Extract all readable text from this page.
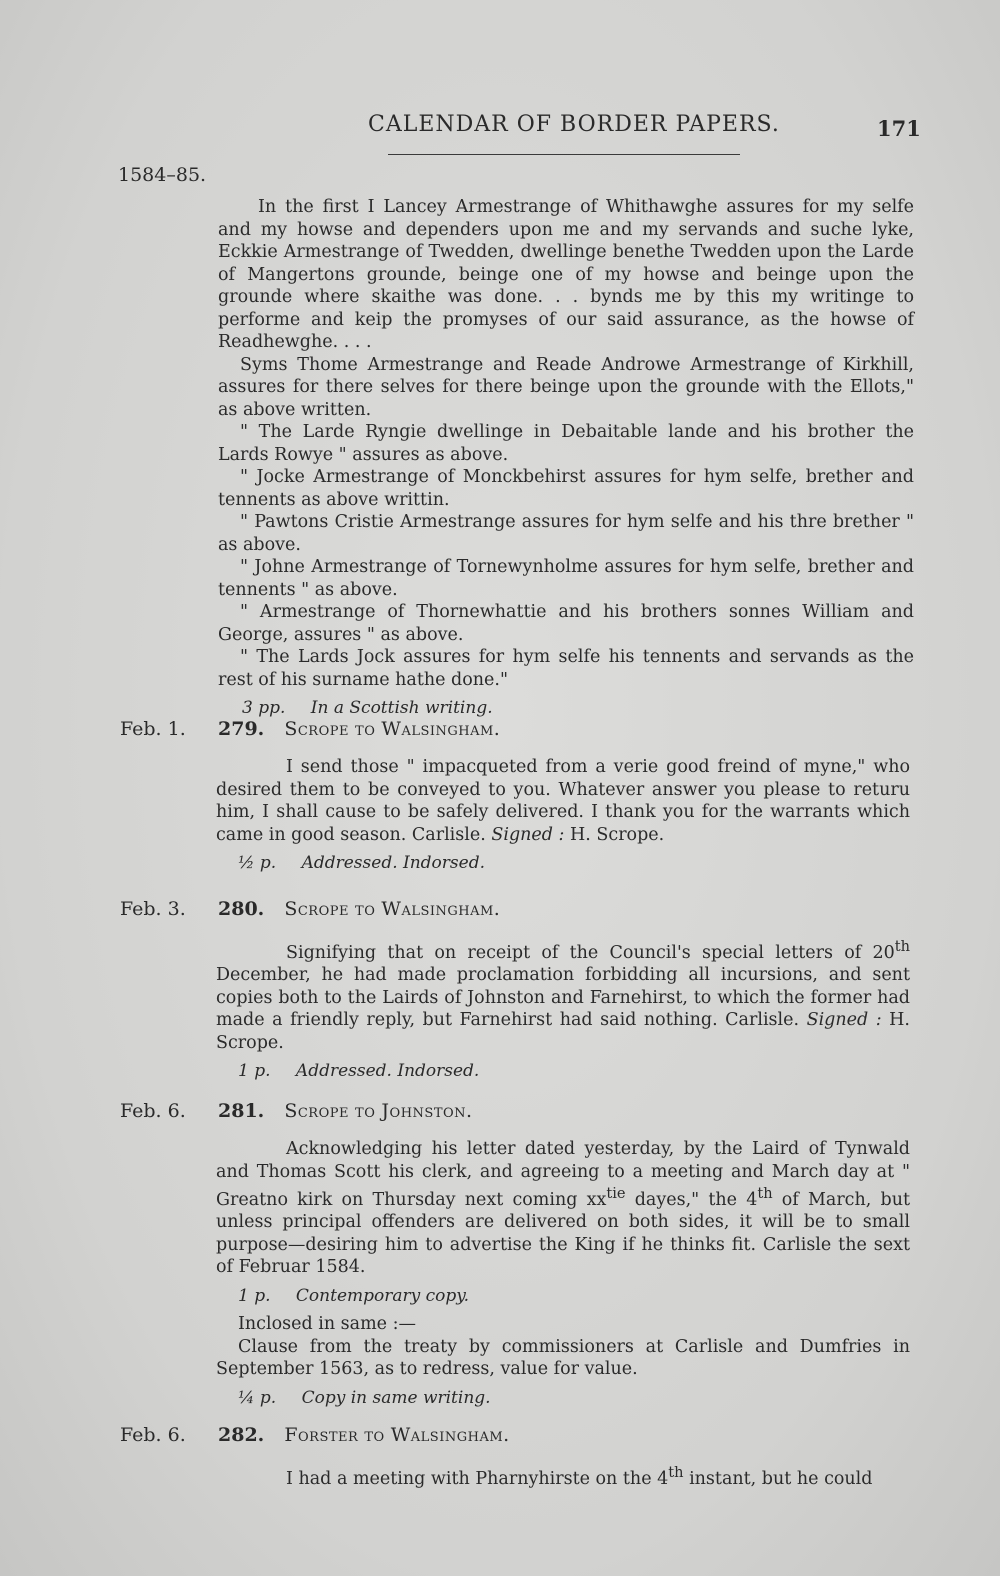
CALENDAR OF BORDER PAPERS.	171
1584–85.

In the first I Lancey Armestrange of Whithawghe assures for my selfe and my howse and dependers upon me and my servands and suche lyke, Eckkie Armestrange of Twedden, dwellinge benethe Twedden upon the Larde of Mangertons grounde, beinge one of my howse and beinge upon the grounde where skaithe was done. . . bynds me by this my writinge to performe and keip the promyses of our said assurance, as the howse of Readhewghe. . . .

Syms Thome Armestrange and Reade Androwe Armestrange of Kirkhill, assures for there selves for there beinge upon the grounde with the Ellots," as above written.

" The Larde Ryngie dwellinge in Debaitable lande and his brother the Lards Rowye " assures as above.

" Jocke Armestrange of Monckbehirst assures for hym selfe, brether and tennents as above writtin.

" Pawtons Cristie Armestrange assures for hym selfe and his thre brether " as above.

" Johne Armestrange of Tornewynholme assures for hym selfe, brether and tennents " as above.

" Armestrange of Thornewhattie and his brothers sonnes William and George, assures " as above.

" The Lards Jock assures for hym selfe his tennents and servands as the rest of his surname hathe done."

3 pp. In a Scottish writing.
Feb. 1. 279. Scrope to Walsingham.

I send those " impacqueted from a verie good freind of myne," who desired them to be conveyed to you. Whatever answer you please to returu him, I shall cause to be safely delivered. I thank you for the warrants which came in good season. Carlisle. Signed : H. Scrope.

½ p. Addressed. Indorsed.
Feb. 3. 280. Scrope to Walsingham.

Signifying that on receipt of the Council's special letters of 20th December, he had made proclamation forbidding all incursions, and sent copies both to the Lairds of Johnston and Farnehirst, to which the former had made a friendly reply, but Farnehirst had said nothing. Carlisle. Signed : H. Scrope.

1 p. Addressed. Indorsed.
Feb. 6. 281. Scrope to Johnston.

Acknowledging his letter dated yesterday, by the Laird of Tynwald and Thomas Scott his clerk, and agreeing to a meeting and March day at " Greatno kirk on Thursday next coming $xx^{tie}$ dayes," the 4th of March, but unless principal offenders are delivered on both sides, it will be to small purpose—desiring him to advertise the King if he thinks fit. Carlisle the sext of Februar 1584.

1 p. Contemporary copy.

Inclosed in same :—

Clause from the treaty by commissioners at Carlisle and Dumfries in September 1563, as to redress, value for value.

¼ p. Copy in same writing.
Feb. 6. 282. Forster to Walsingham.

I had a meeting with Pharnyhirste on the 4th instant, but he could
